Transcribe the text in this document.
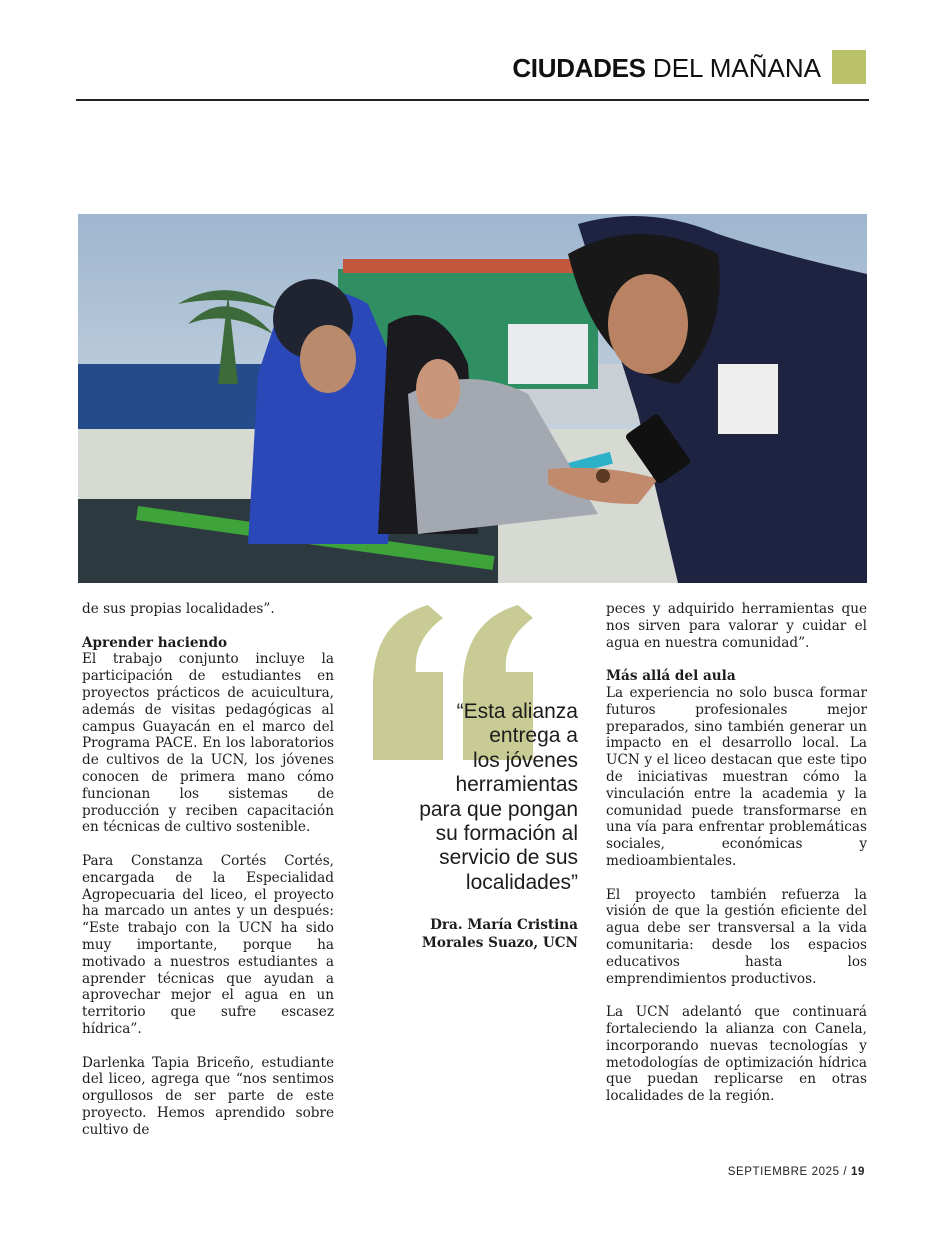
CIUDADES DEL MAÑANA

de sus propias localidades”.

Aprender haciendo

El trabajo conjunto incluye la participación de estudiantes en proyectos prácticos de acuicultura, además de visitas pedagógicas al campus Guayacán en el marco del Programa PACE. En los laboratorios de cultivos de la UCN, los jóvenes conocen de primera mano cómo funcionan los sistemas de producción y reciben capacitación en técnicas de cultivo sostenible.

Para Constanza Cortés Cortés, encargada de la Especialidad Agropecuaria del liceo, el proyecto ha marcado un antes y un después: “Este trabajo con la UCN ha sido muy importante, porque ha motivado a nuestros estudiantes a aprender técnicas que ayudan a aprovechar mejor el agua en un territorio que sufre escasez hídrica”.

Darlenka Tapia Briceño, estudiante del liceo, agrega que “nos sentimos orgullosos de ser parte de este proyecto. Hemos aprendido sobre cultivo de

“Esta alianza
entrega a
los jóvenes
herramientas
para que pongan
su formación al
servicio de sus
localidades”
Dra. María Cristina
Morales Suazo, UCN

peces y adquirido herramientas que nos sirven para valorar y cuidar el agua en nuestra comunidad”.

Más allá del aula

La experiencia no solo busca formar futuros profesionales mejor preparados, sino también generar un impacto en el desarrollo local. La UCN y el liceo destacan que este tipo de iniciativas muestran cómo la vinculación entre la academia y la comunidad puede transformarse en una vía para enfrentar problemáticas sociales, económicas y medioambientales.

El proyecto también refuerza la visión de que la gestión eficiente del agua debe ser transversal a la vida comunitaria: desde los espacios educativos hasta los emprendimientos productivos.

La UCN adelantó que continuará fortaleciendo la alianza con Canela, incorporando nuevas tecnologías y metodologías de optimización hídrica que puedan replicarse en otras localidades de la región.

SEPTIEMBRE 2025 / 19
